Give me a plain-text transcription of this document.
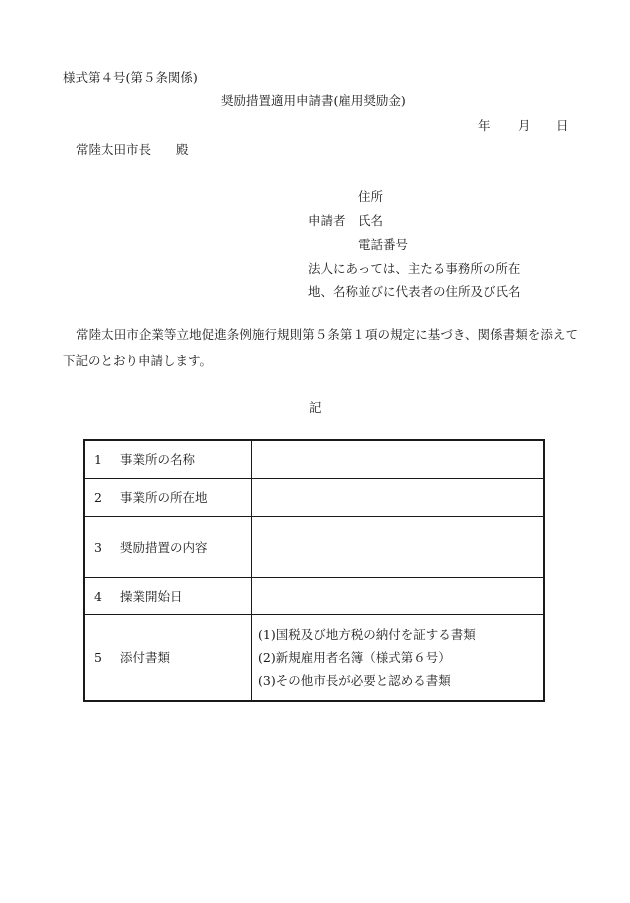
様式第４号(第５条関係)
奨励措置適用申請書(雇用奨励金)
年 月 日
常陸太田市長 殿
住所
申請者 氏名
電話番号
法人にあっては、主たる事務所の所在
地、名称並びに代表者の住所及び氏名
常陸太田市企業等立地促進条例施行規則第５条第１項の規定に基づき、関係書類を添えて下記のとおり申請します。
記
1 事業所の名称	
2 事業所の所在地	
3 奨励措置の内容	
4 操業開始日	
5 添付書類	(1)国税及び地方税の納付を証する書類
(2)新規雇用者名簿（様式第６号）
(3)その他市長が必要と認める書類
